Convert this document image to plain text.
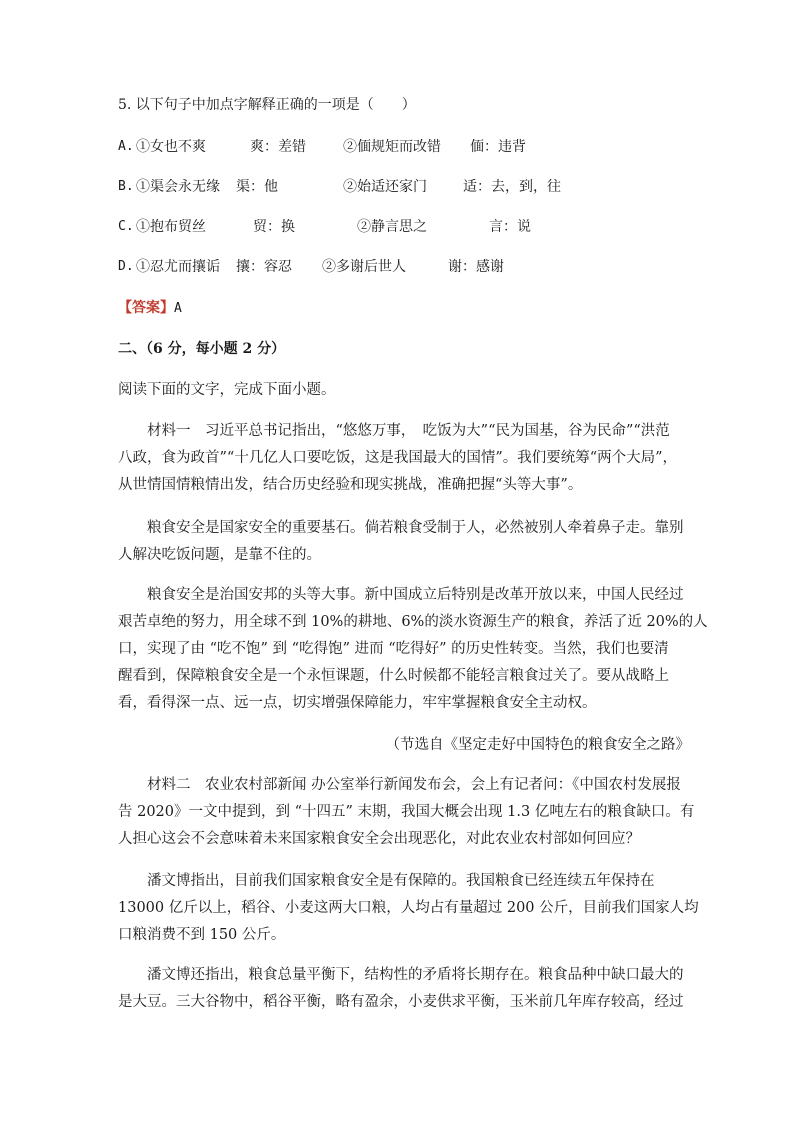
5. 以下句子中加点字解释正确的一项是（　　）
A. ①女也不爽	爽：差错	②偭规矩而改错 偭：违背
B. ①渠会永无缘 渠：他	②始适还家门	适：去，到，往
C. ①抱布贸丝	贸：换	②静言思之	言：说
D. ①忍尤而攘诟 攘：容忍 ②多谢后世人	谢：感谢
【答案】A
二、（6 分，每小题 2 分）
阅读下面的文字，完成下面小题。
材料一　习近平总书记指出，“悠悠万事，　吃饭为大”“民为国基，谷为民命”“洪范
八政，食为政首”“十几亿人口要吃饭，这是我国最大的国情”。我们要统筹“两个大局”，
从世情国情粮情出发，结合历史经验和现实挑战，准确把握“头等大事”。
粮食安全是国家安全的重要基石。倘若粮食受制于人，必然被别人牵着鼻子走。靠别
人解决吃饭问题，是靠不住的。
粮食安全是治国安邦的头等大事。新中国成立后特别是改革开放以来，中国人民经过
艰苦卓绝的努力，用全球不到 10%的耕地、6%的淡水资源生产的粮食，养活了近 20%的人
口，实现了由 “吃不饱” 到 “吃得饱” 进而 “吃得好” 的历史性转变。当然，我们也要清
醒看到，保障粮食安全是一个永恒课题，什么时候都不能轻言粮食过关了。要从战略上
看，看得深一点、远一点，切实增强保障能力，牢牢掌握粮食安全主动权。
（节选自《坚定走好中国特色的粮食安全之路》
材料二　农业农村部新闻 办公室举行新闻发布会，会上有记者问：《中国农村发展报
告 2020》一文中提到，到 “十四五” 末期，我国大概会出现 1.3 亿吨左右的粮食缺口。有
人担心这会不会意味着未来国家粮食安全会出现恶化，对此农业农村部如何回应？
潘文博指出，目前我们国家粮食安全是有保障的。我国粮食已经连续五年保持在
13000 亿斤以上，稻谷、小麦这两大口粮，人均占有量超过 200 公斤，目前我们国家人均
口粮消费不到 150 公斤。
潘文博还指出，粮食总量平衡下，结构性的矛盾将长期存在。粮食品种中缺口最大的
是大豆。三大谷物中，稻谷平衡，略有盈余，小麦供求平衡，玉米前几年库存较高，经过
